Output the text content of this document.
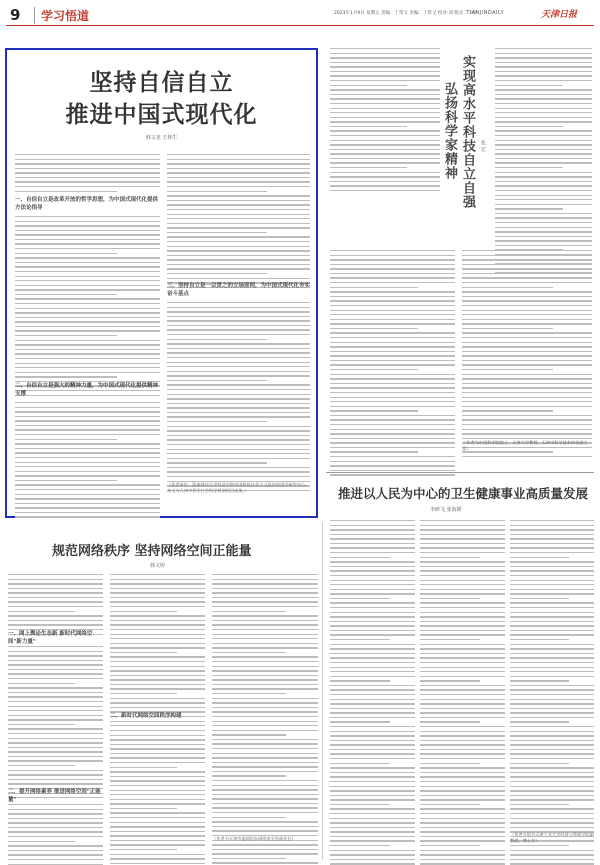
9	学习悟道	2023年1月9日 星期五 责编：丁常又 责编：丁常又 校对:刘 版式：下端
TIANJINDAILY	天津日报
坚持自信自立
推进中国式现代化
韩文龙 王林生
一、自信自立是改革开放的哲学思想，为中国式现代化提供方法论指导
二、自信自立是强大的精神力量，为中国式现代化提供精神支撑
三、坚持自立是一以贯之的立场原则，为中国式现代化夯实奋斗基点
（作者单位：西南财经大学经济学院中国特色社会主义政治经济学研究中心。本文为天津市哲学社会科学规划项目成果。）
实现高水平科技自立自强
弘扬科学家精神	张 宏
（作者为中国科学院院士、天津大学教授、天津市科学技术协会副主席）
推进以人民为中心的卫生健康事业高质量发展
李研飞 张海媛
（作者分别为天津工业大学经济与管理学院副教授、博士生）
规范网络秩序 坚持网络空间正能量
韩文婷
一、网上舆论生态新 新时代网络空间"新力量"
二、提升网络素养 推进网络空间"正能量"
二、新时代网络空间秩序构建
（作者为天津市委网信办网络安全处副处长）
